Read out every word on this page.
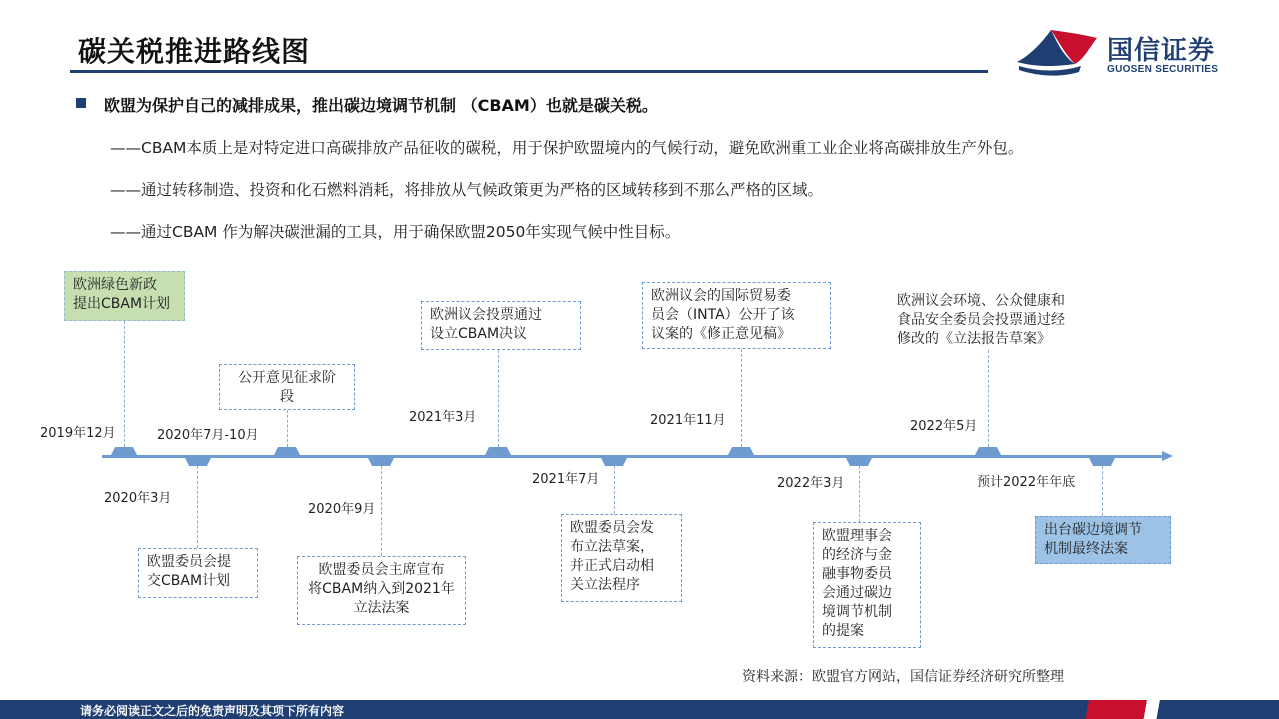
碳关税推进路线图	国信证券
GUOSEN SECURITIES
欧盟为保护自己的减排成果，推出碳边境调节机制 （CBAM）也就是碳关税。
——CBAM本质上是对特定进口高碳排放产品征收的碳税，用于保护欧盟境内的气候行动，避免欧洲重工业企业将高碳排放生产外包。
——通过转移制造、投资和化石燃料消耗，将排放从气候政策更为严格的区域转移到不那么严格的区域。
——通过CBAM 作为解决碳泄漏的工具，用于确保欧盟2050年实现气候中性目标。
2019年12月
2020年3月
2020年7月-10月
2020年9月
2021年3月
2021年7月
2021年11月
2022年3月
2022年5月
预计2022年年底
欧洲绿色新政
提出CBAM计划
欧盟委员会提
交CBAM计划
公开意见征求阶
段
欧盟委员会主席宣布
将CBAM纳入到2021年
立法法案
欧洲议会投票通过
设立CBAM决议
欧盟委员会发
布立法草案，
并正式启动相
关立法程序
欧洲议会的国际贸易委
员会（INTA）公开了该
议案的《修正意见稿》
欧盟理事会
的经济与金
融事物委员
会通过碳边
境调节机制
的提案
欧洲议会环境、公众健康和
食品安全委员会投票通过经
修改的《立法报告草案》
出台碳边境调节
机制最终法案
资料来源：欧盟官方网站，国信证券经济研究所整理
请务必阅读正文之后的免责声明及其项下所有内容
